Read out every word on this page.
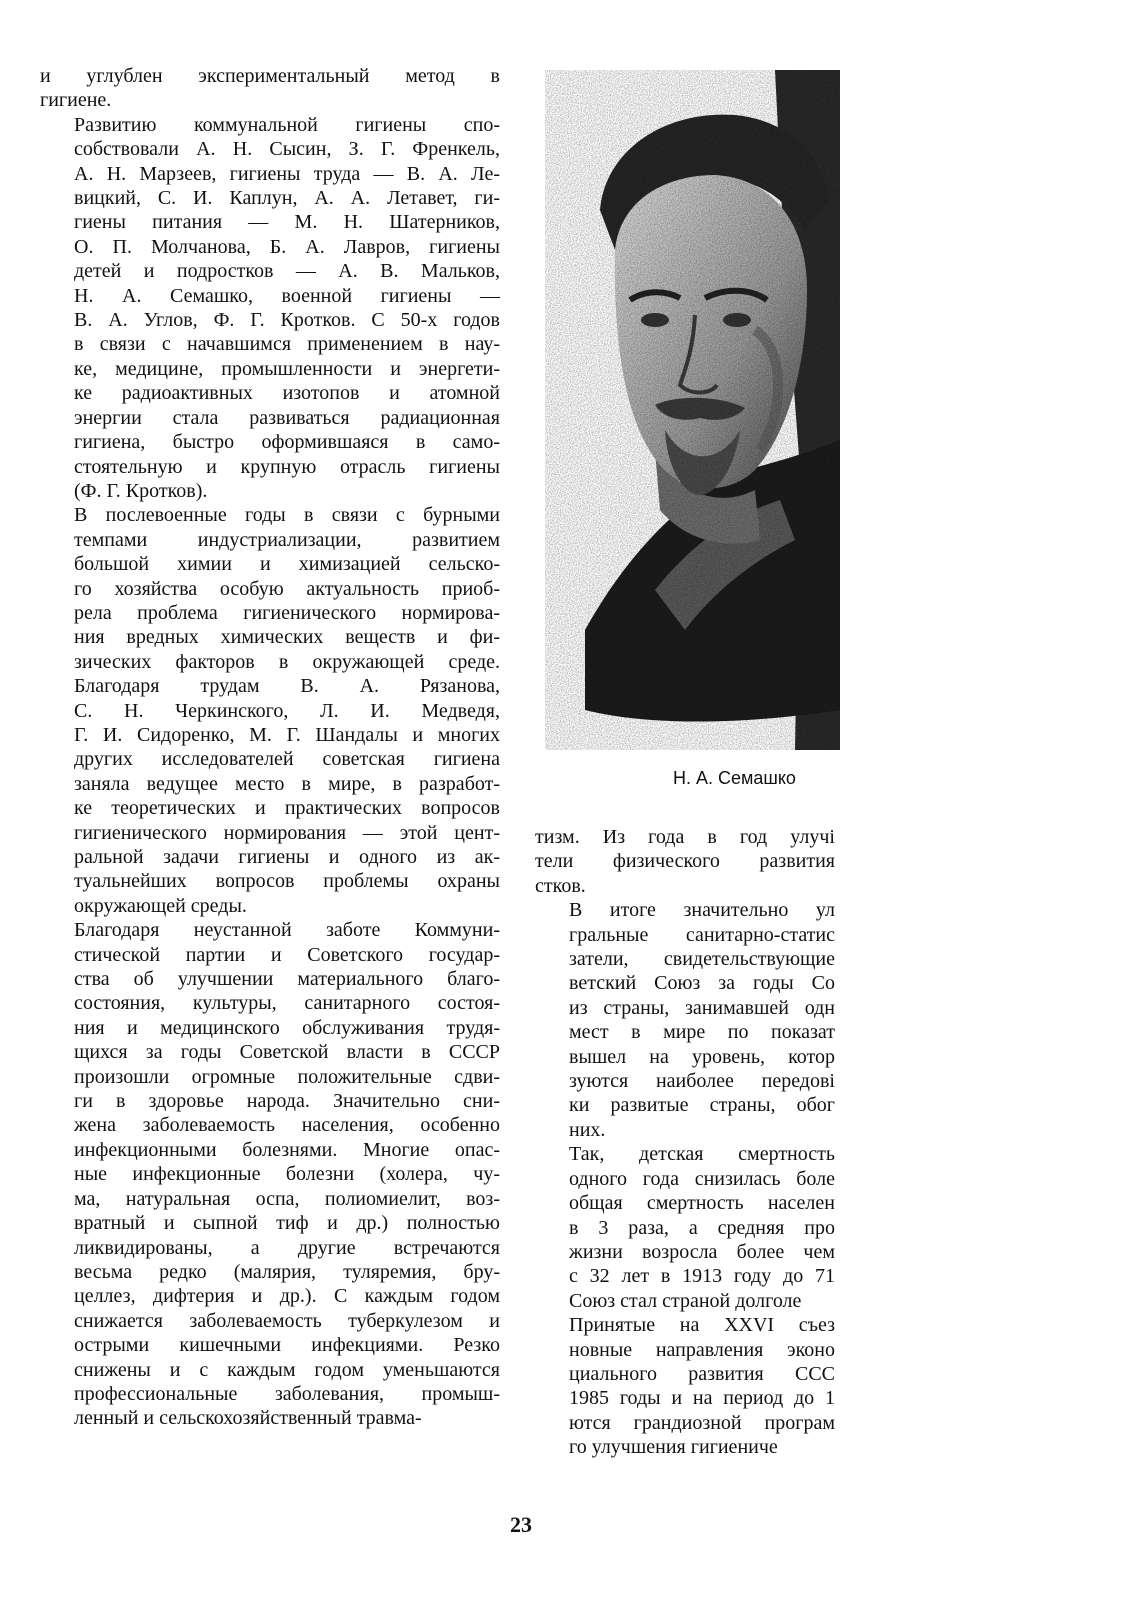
и углублен экспериментальный метод в
гигиене.

Развитию коммунальной гигиены спо-
собствовали А. Н. Сысин, З. Г. Френкель,
А. Н. Марзеев, гигиены труда — В. А. Ле-
вицкий, С. И. Каплун, А. А. Летавет, ги-
гиены питания — М. Н. Шатерников,
О. П. Молчанова, Б. А. Лавров, гигиены
детей и подростков — А. В. Мальков,
Н. А. Семашко, военной гигиены —
В. А. Углов, Ф. Г. Кротков. С 50-х годов
в связи с начавшимся применением в нау-
ке, медицине, промышленности и энергети-
ке радиоактивных изотопов и атомной
энергии стала развиваться радиационная
гигиена, быстро оформившаяся в само-
стоятельную и крупную отрасль гигиены
(Ф. Г. Кротков).

В послевоенные годы в связи с бурными
темпами индустриализации, развитием
большой химии и химизацией сельско-
го хозяйства особую актуальность приоб-
рела проблема гигиенического нормирова-
ния вредных химических веществ и фи-
зических факторов в окружающей среде.
Благодаря трудам В. А. Рязанова,
С. Н. Черкинского, Л. И. Медведя,
Г. И. Сидоренко, М. Г. Шандалы и многих
других исследователей советская гигиена
заняла ведущее место в мире, в разработ-
ке теоретических и практических вопросов
гигиенического нормирования — этой цент-
ральной задачи гигиены и одного из ак-
туальнейших вопросов проблемы охраны
окружающей среды.

Благодаря неустанной заботе Коммуни-
стической партии и Советского государ-
ства об улучшении материального благо-
состояния, культуры, санитарного состоя-
ния и медицинского обслуживания трудя-
щихся за годы Советской власти в СССР
произошли огромные положительные сдви-
ги в здоровье народа. Значительно сни-
жена заболеваемость населения, особенно
инфекционными болезнями. Многие опас-
ные инфекционные болезни (холера, чу-
ма, натуральная оспа, полиомиелит, воз-
вратный и сыпной тиф и др.) полностью
ликвидированы, а другие встречаются
весьма редко (малярия, туляремия, бру-
целлез, дифтерия и др.). С каждым годом
снижается заболеваемость туберкулезом и
острыми кишечными инфекциями. Резко
снижены и с каждым годом уменьшаются
профессиональные заболевания, промыш-
ленный и сельскохозяйственный травма-

Н. А. Семашко

тизм. Из года в год улучі
тели физического развития
стков.

В итоге значительно ул
гральные санитарно-статис
затели, свидетельствующие
ветский Союз за годы Со
из страны, занимавшей одн
мест в мире по показат
вышел на уровень, котор
зуются наиболее передові
ки развитые страны, обог
них.

Так, детская смертность
одного года снизилась боле
общая смертность населен
в 3 раза, а средняя про
жизни возросла более чем
с 32 лет в 1913 году до 71
Союз стал страной долголе

Принятые на XXVI съез
новные направления эконо
циального развития ССС
1985 годы и на период до 1
ются грандиозной програм
го улучшения гигиениче

23
